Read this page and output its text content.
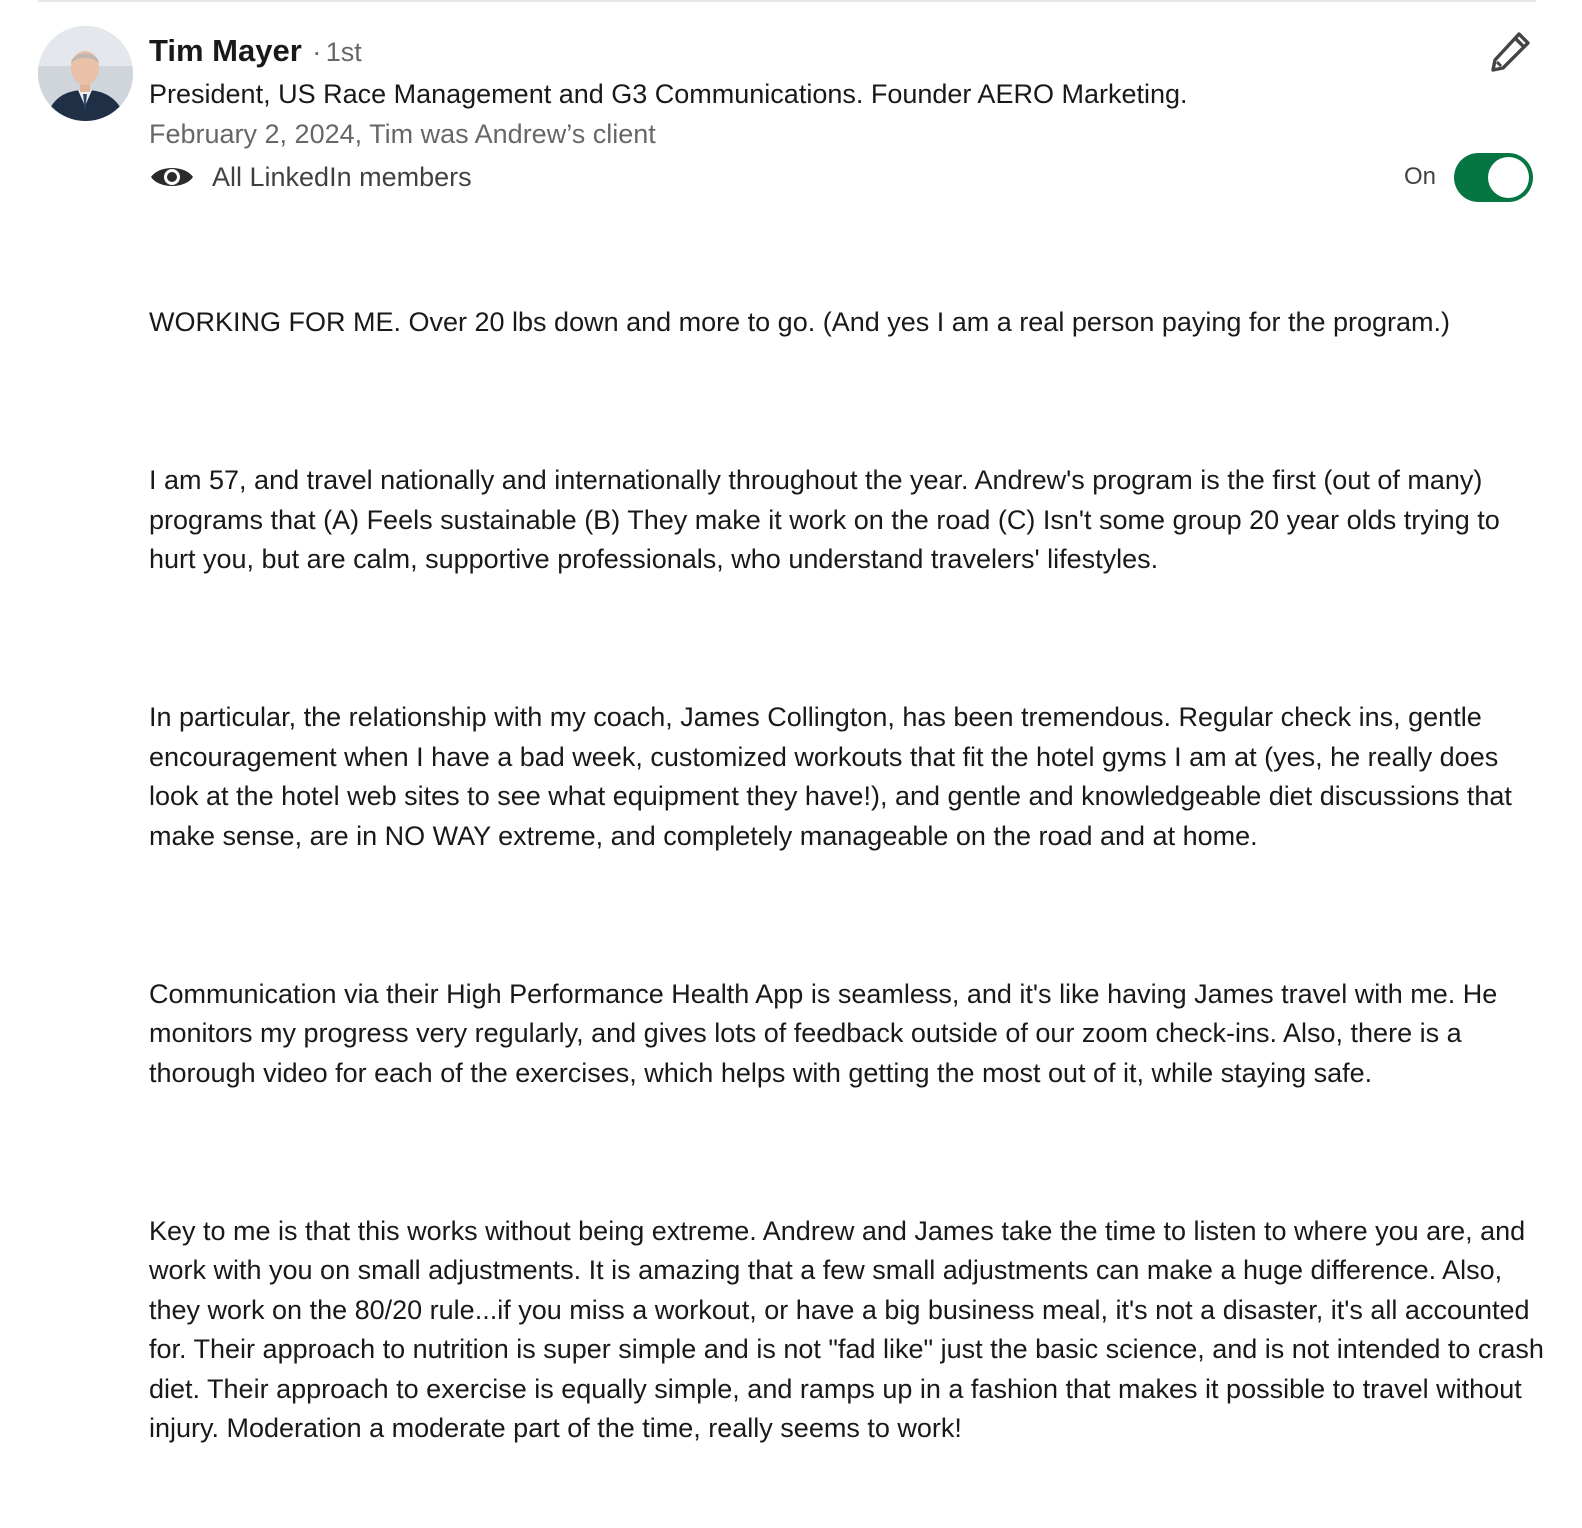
Tim Mayer · 1st
President, US Race Management and G3 Communications. Founder AERO Marketing.
February 2, 2024, Tim was Andrew’s client
All LinkedIn members	On

WORKING FOR ME. Over 20 lbs down and more to go. (And yes I am a real person paying for the program.)

I am 57, and travel nationally and internationally throughout the year. Andrew's program is the first (out of many) programs that (A) Feels sustainable (B) They make it work on the road (C) Isn't some group 20 year olds trying to hurt you, but are calm, supportive professionals, who understand travelers' lifestyles.

In particular, the relationship with my coach, James Collington, has been tremendous. Regular check ins, gentle encouragement when I have a bad week, customized workouts that fit the hotel gyms I am at (yes, he really does look at the hotel web sites to see what equipment they have!), and gentle and knowledgeable diet discussions that make sense, are in NO WAY extreme, and completely manageable on the road and at home.

Communication via their High Performance Health App is seamless, and it's like having James travel with me. He monitors my progress very regularly, and gives lots of feedback outside of our zoom check-ins. Also, there is a thorough video for each of the exercises, which helps with getting the most out of it, while staying safe.

Key to me is that this works without being extreme. Andrew and James take the time to listen to where you are, and work with you on small adjustments. It is amazing that a few small adjustments can make a huge difference. Also, they work on the 80/20 rule...if you miss a workout, or have a big business meal, it's not a disaster, it's all accounted for. Their approach to nutrition is super simple and is not "fad like" just the basic science, and is not intended to crash diet. Their approach to exercise is equally simple, and ramps up in a fashion that makes it possible to travel without injury. Moderation a moderate part of the time, really seems to work!
